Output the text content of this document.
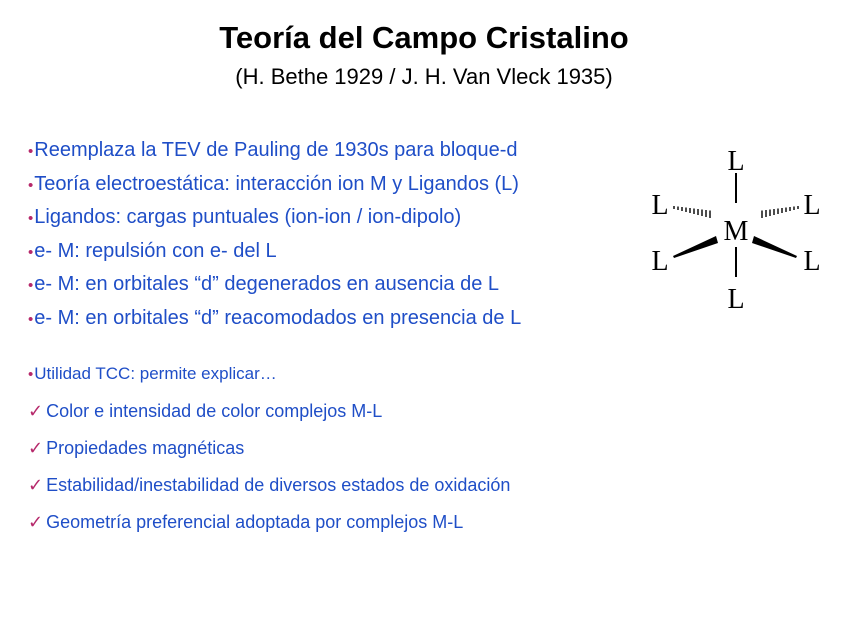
Teoría del Campo Cristalino
(H. Bethe 1929 / J. H. Van Vleck 1935)
•Reemplaza la TEV de Pauling de 1930s para bloque-d
•Teoría electroestática: interacción ion M y Ligandos (L)
•Ligandos: cargas puntuales (ion-ion / ion-dipolo)
•e- M: repulsión con e- del L
•e- M: en orbitales “d” degenerados en ausencia de L
•e- M: en orbitales “d” reacomodados en presencia de L
•Utilidad TCC: permite explicar…
✓ Color e intensidad de color complejos M-L
✓ Propiedades magnéticas
✓ Estabilidad/inestabilidad de diversos estados de oxidación
✓ Geometría preferencial adoptada por complejos M-L
L
M
L
L	L
L	L
